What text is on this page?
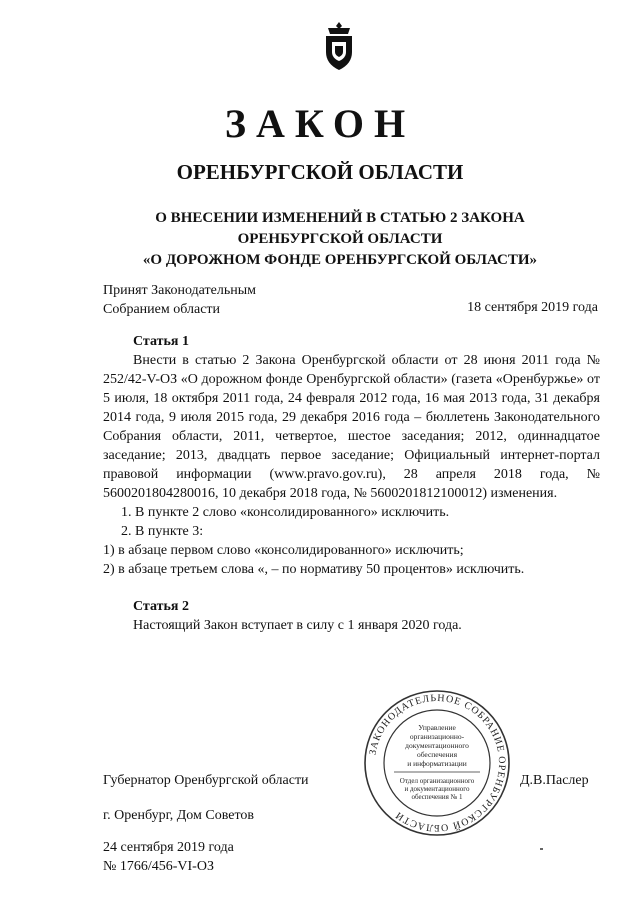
ЗАКОН
ОРЕНБУРГСКОЙ ОБЛАСТИ
О ВНЕСЕНИИ ИЗМЕНЕНИЙ В СТАТЬЮ 2 ЗАКОНА
ОРЕНБУРГСКОЙ ОБЛАСТИ
«О ДОРОЖНОМ ФОНДЕ ОРЕНБУРГСКОЙ ОБЛАСТИ»
Принят Законодательным
Собранием области	18 сентября 2019 года
Статья 1

Внести в статью 2 Закона Оренбургской области от 28 июня 2011 года № 252/42-V-ОЗ «О дорожном фонде Оренбургской области» (газета «Оренбуржье» от 5 июля, 18 октября 2011 года, 24 февраля 2012 года, 16 мая 2013 года, 31 декабря 2014 года, 9 июля 2015 года, 29 декабря 2016 года – бюллетень Законодательного Собрания области, 2011, четвертое, шестое заседания; 2012, одиннадцатое заседание; 2013, двадцать первое заседание; Официальный интернет-портал правовой информации (www.pravo.gov.ru), 28 апреля 2018 года, № 5600201804280016, 10 декабря 2018 года, № 5600201812100012) изменения.

1. В пункте 2 слово «консолидированного» исключить.

2. В пункте 3:

1) в абзаце первом слово «консолидированного» исключить;

2) в абзаце третьем слова «, – по нормативу 50 процентов» исключить.

Статья 2

Настоящий Закон вступает в силу с 1 января 2020 года.

ЗАКОНОДАТЕЛЬНОЕ СОБРАНИЕ ОРЕНБУРГСКОЙ ОБЛАСТИ
Управление
организационно-
документационного
обеспечения
и информатизации
Отдел организационного
и документационного
обеспечения № 1
Губернатор Оренбургской области	Д.В.Паслер
г. Оренбург, Дом Советов
24 сентября 2019 года
№ 1766/456-VI-ОЗ
